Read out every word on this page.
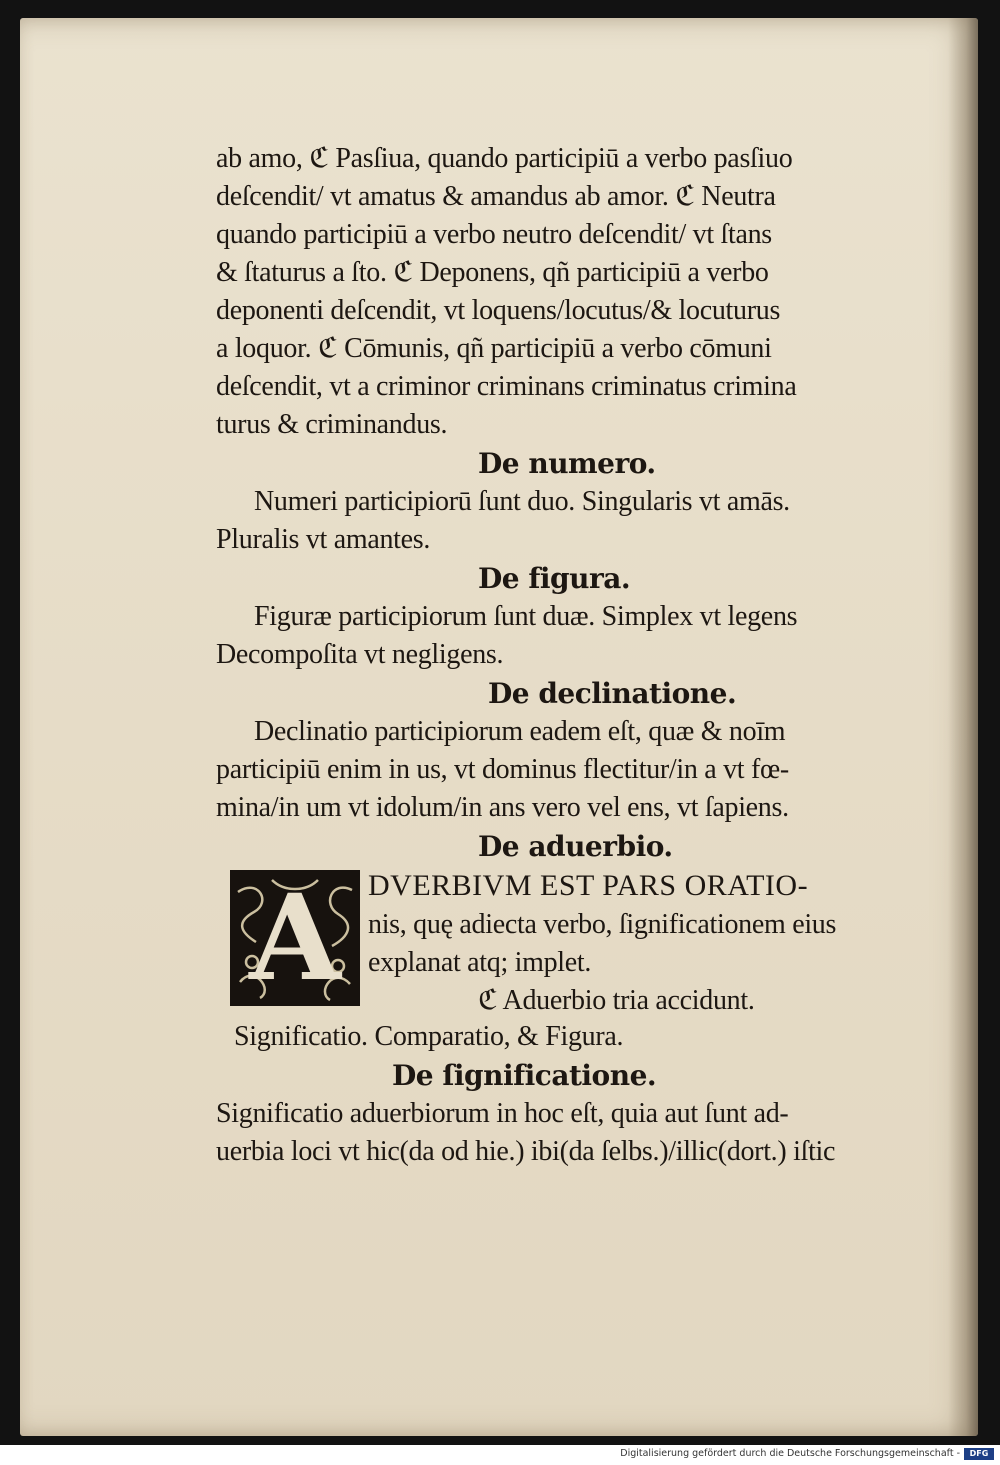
ab amo, ℭ Pasſiua, quando participiū a verbo pasſiuo
deſcendit/ vt amatus & amandus ab amor. ℭ Neutra
quando participiū a verbo neutro deſcendit/ vt ſtans
& ſtaturus a ſto. ℭ Deponens, qñ participiū a verbo
deponenti deſcendit, vt loquens/locutus/& locuturus
a loquor. ℭ Cōmunis, qñ participiū a verbo cōmuni
deſcendit, vt a criminor criminans criminatus crimina
turus & criminandus.
De numero.
Numeri participiorū ſunt duo. Singularis vt amās.
Pluralis vt amantes.
De figura.
Figuræ participiorum ſunt duæ. Simplex vt legens
Decompoſita vt negligens.
De declinatione.
Declinatio participiorum eadem eſt, quæ & noīm
participiū enim in us, vt dominus flectitur/in a vt fœ-
mina/in um vt idolum/in ans vero vel ens, vt ſapiens.
De aduerbio.
A DVERBIVM EST PARS ORATIO-
nis, quę adiecta verbo, ſignificationem eius
explanat atq; implet.
ℭ Aduerbio tria accidunt.
Significatio. Comparatio, & Figura.
De ſignificatione.
Significatio aduerbiorum in hoc eſt, quia aut ſunt ad-
uerbia loci vt hic(da od hie.) ibi(da ſelbs.)/illic(dort.) iſtic
Digitalisierung gefördert durch die Deutsche Forschungsgemeinschaft -	DFG
